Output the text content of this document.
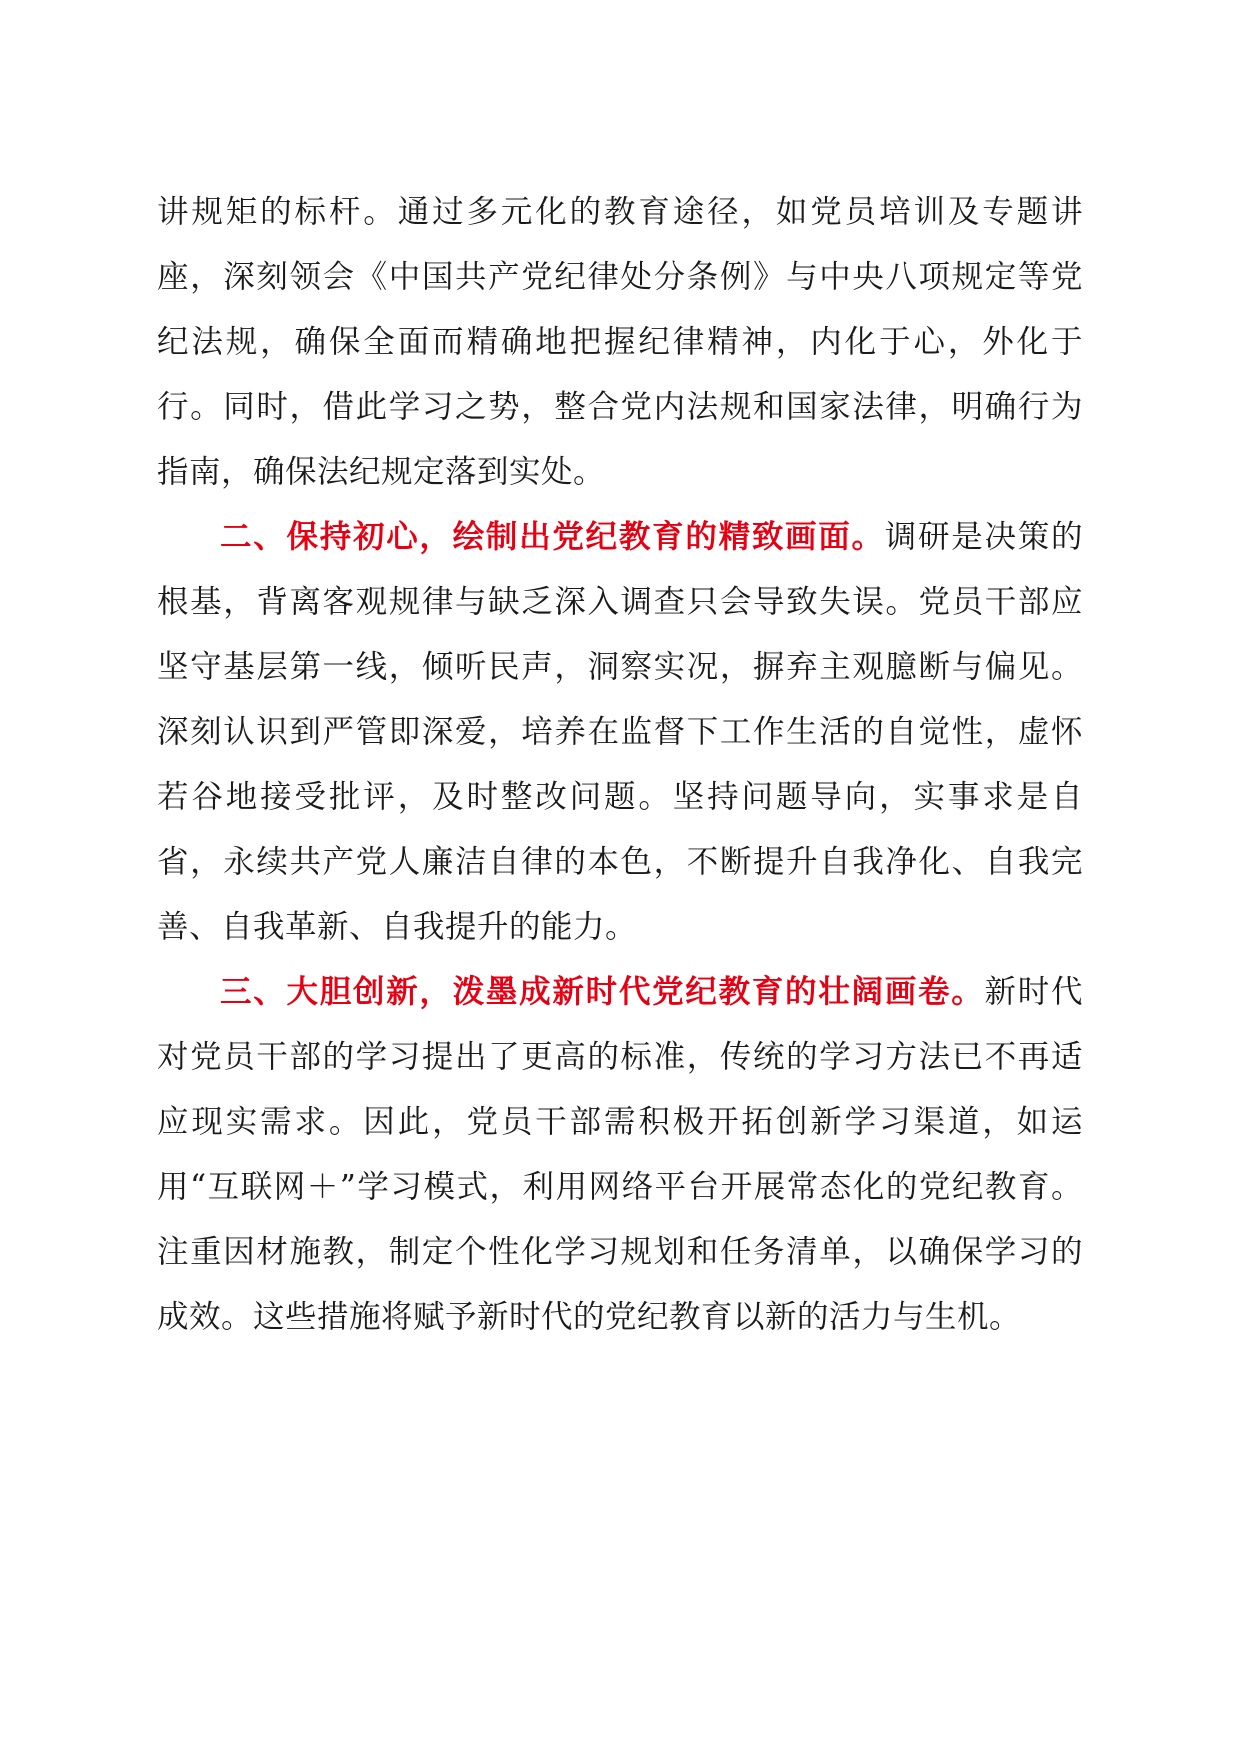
讲规矩的标杆。通过多元化的教育途径，如党员培训及专题讲座，深刻领会《中国共产党纪律处分条例》与中央八项规定等党纪法规，确保全面而精确地把握纪律精神，内化于心，外化于行。同时，借此学习之势，整合党内法规和国家法律，明确行为指南，确保法纪规定落到实处。

二、保持初心，绘制出党纪教育的精致画面。调研是决策的根基，背离客观规律与缺乏深入调查只会导致失误。党员干部应坚守基层第一线，倾听民声，洞察实况，摒弃主观臆断与偏见。深刻认识到严管即深爱，培养在监督下工作生活的自觉性，虚怀若谷地接受批评，及时整改问题。坚持问题导向，实事求是自省，永续共产党人廉洁自律的本色，不断提升自我净化、自我完善、自我革新、自我提升的能力。

三、大胆创新，泼墨成新时代党纪教育的壮阔画卷。新时代对党员干部的学习提出了更高的标准，传统的学习方法已不再适应现实需求。因此，党员干部需积极开拓创新学习渠道，如运用“互联网＋”学习模式，利用网络平台开展常态化的党纪教育。注重因材施教，制定个性化学习规划和任务清单，以确保学习的成效。这些措施将赋予新时代的党纪教育以新的活力与生机。
